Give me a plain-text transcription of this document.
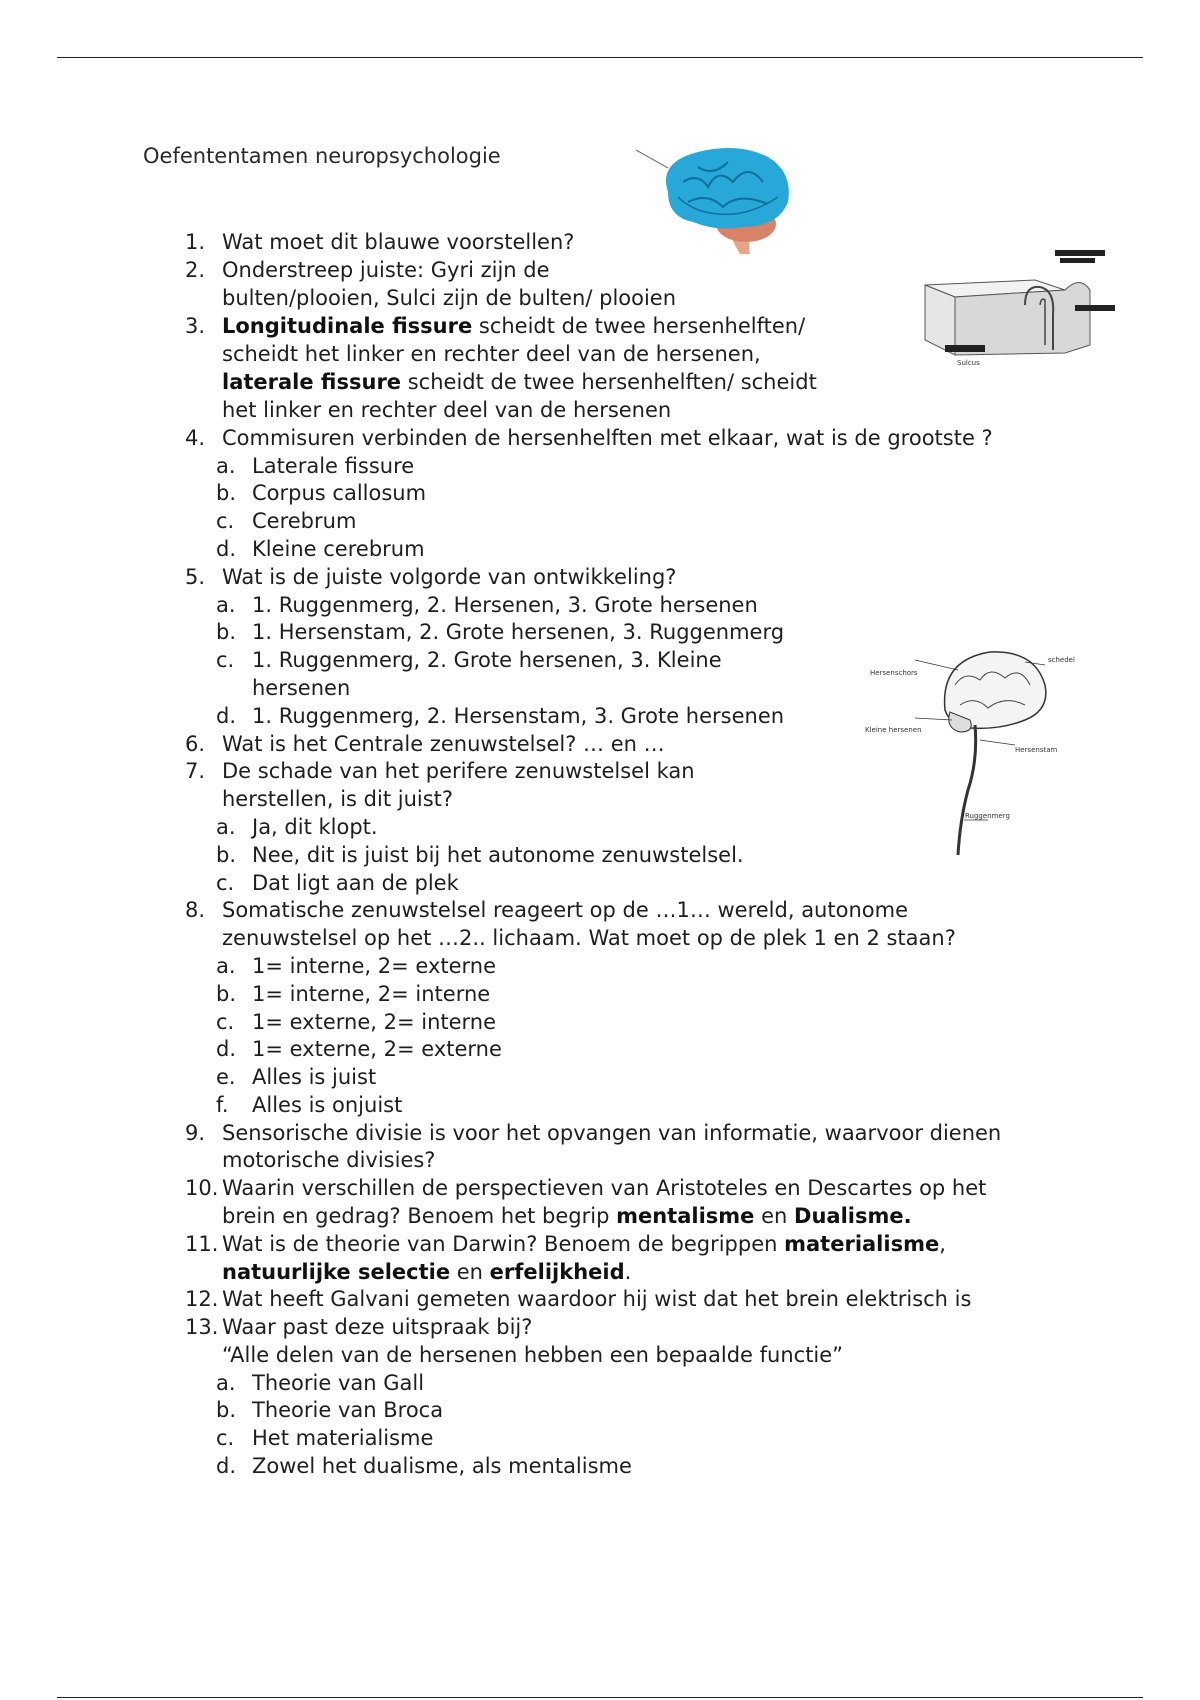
Oefententamen neuropsychologie
Sulcus
Hersenschors
schedel
Kleine hersenen
Hersenstam
Ruggenmerg
1. Wat moet dit blauwe voorstellen?
2. Onderstreep juiste: Gyri zijn de
bulten/plooien, Sulci zijn de bulten/ plooien
3. Longitudinale fissure scheidt de twee hersenhelften/
scheidt het linker en rechter deel van de hersenen,
laterale fissure scheidt de twee hersenhelften/ scheidt
het linker en rechter deel van de hersenen
4. Commisuren verbinden de hersenhelften met elkaar, wat is de grootste ?
a. Laterale fissure
b. Corpus callosum
c. Cerebrum
d. Kleine cerebrum
5. Wat is de juiste volgorde van ontwikkeling?
a. 1. Ruggenmerg, 2. Hersenen, 3. Grote hersenen
b. 1. Hersenstam, 2. Grote hersenen, 3. Ruggenmerg
c. 1. Ruggenmerg, 2. Grote hersenen, 3. Kleine
hersenen
d. 1. Ruggenmerg, 2. Hersenstam, 3. Grote hersenen
6. Wat is het Centrale zenuwstelsel? … en …
7. De schade van het perifere zenuwstelsel kan
herstellen, is dit juist?
a. Ja, dit klopt.
b. Nee, dit is juist bij het autonome zenuwstelsel.
c. Dat ligt aan de plek
8. Somatische zenuwstelsel reageert op de …1… wereld, autonome
zenuwstelsel op het …2.. lichaam. Wat moet op de plek 1 en 2 staan?
a. 1= interne, 2= externe
b. 1= interne, 2= interne
c. 1= externe, 2= interne
d. 1= externe, 2= externe
e. Alles is juist
f. Alles is onjuist
9. Sensorische divisie is voor het opvangen van informatie, waarvoor dienen
motorische divisies?
10. Waarin verschillen de perspectieven van Aristoteles en Descartes op het
brein en gedrag? Benoem het begrip mentalisme en Dualisme.
11. Wat is de theorie van Darwin? Benoem de begrippen materialisme,
natuurlijke selectie en erfelijkheid.
12. Wat heeft Galvani gemeten waardoor hij wist dat het brein elektrisch is
13. Waar past deze uitspraak bij?
“Alle delen van de hersenen hebben een bepaalde functie”
a. Theorie van Gall
b. Theorie van Broca
c. Het materialisme
d. Zowel het dualisme, als mentalisme
